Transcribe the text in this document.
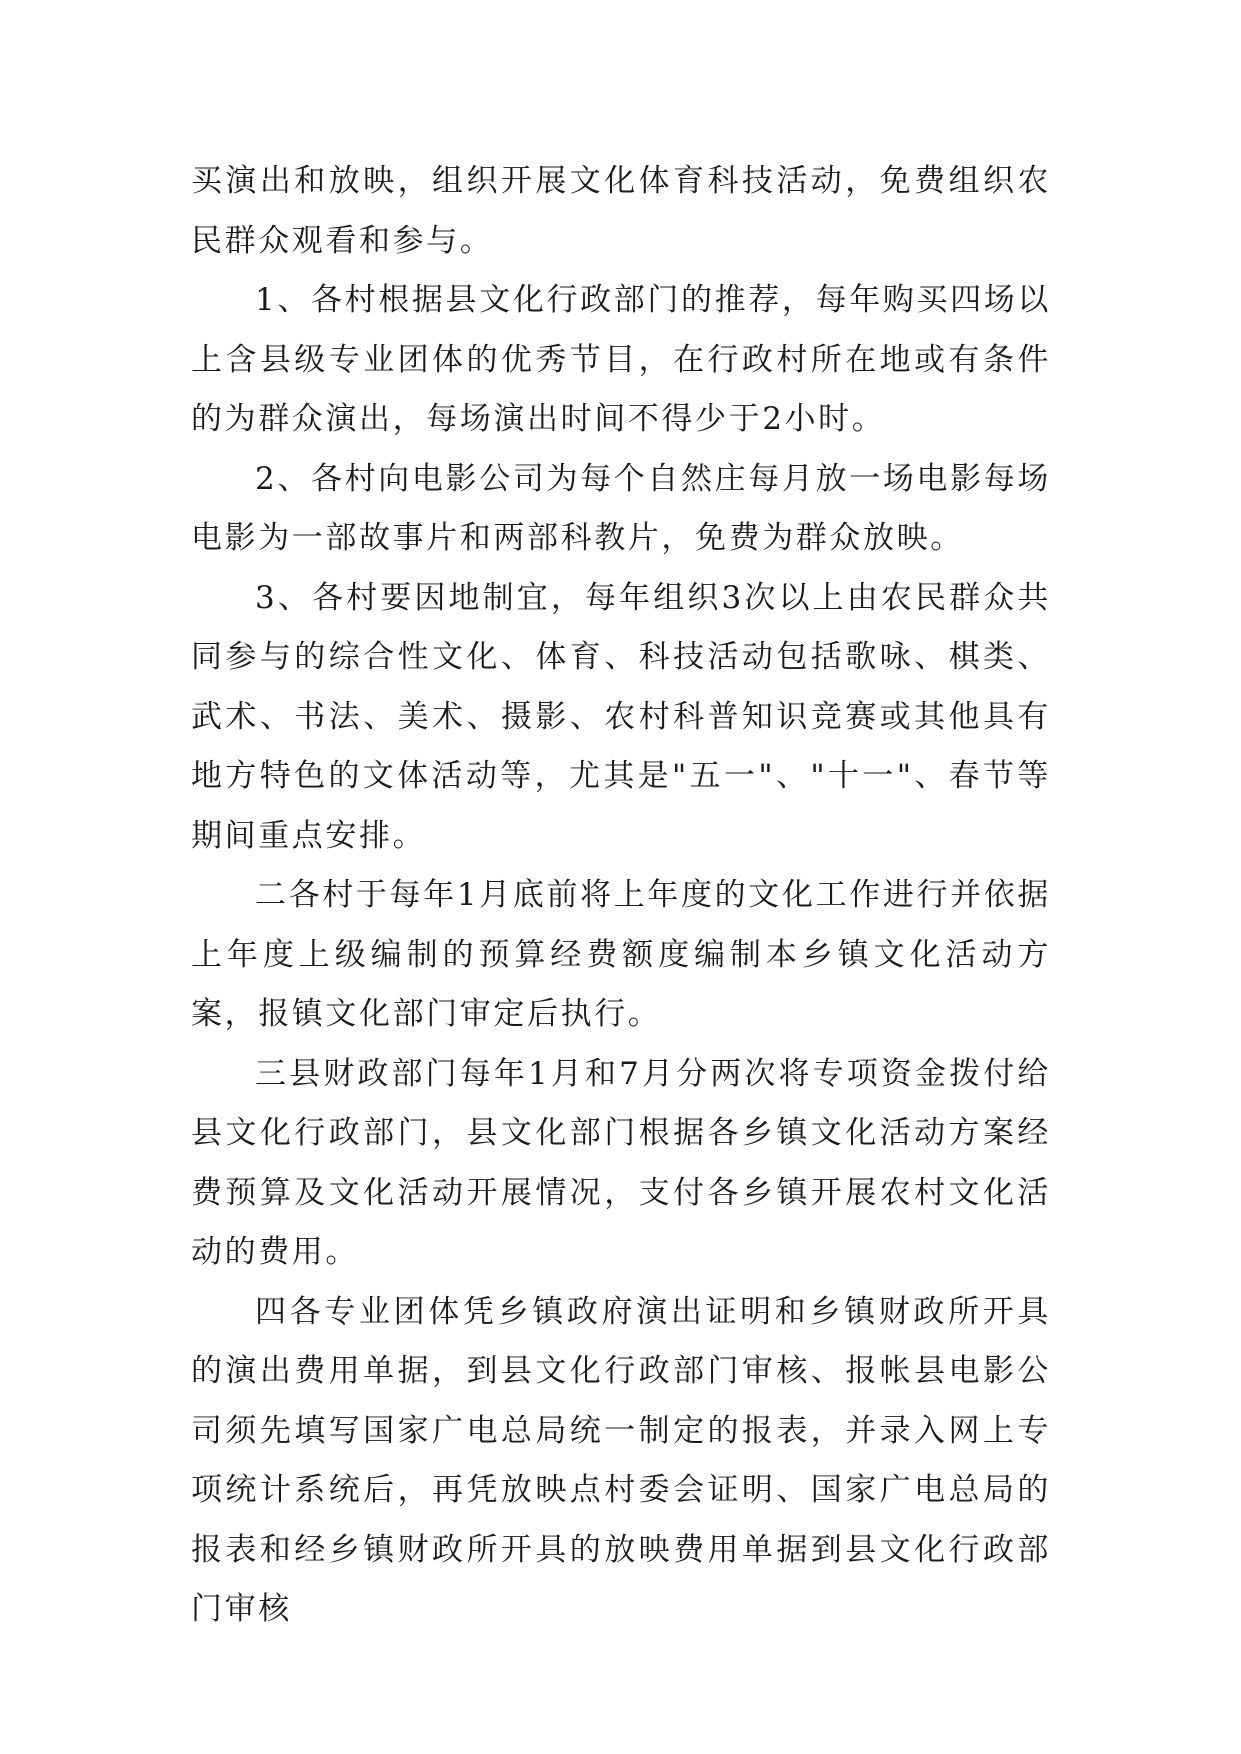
买演出和放映，组织开展文化体育科技活动，免费组织农民群众观看和参与。

1、各村根据县文化行政部门的推荐，每年购买四场以上含县级专业团体的优秀节目，在行政村所在地或有条件的为群众演出，每场演出时间不得少于2小时。

2、各村向电影公司为每个自然庄每月放一场电影每场电影为一部故事片和两部科教片，免费为群众放映。

3、各村要因地制宜，每年组织3次以上由农民群众共同参与的综合性文化、体育、科技活动包括歌咏、棋类、武术、书法、美术、摄影、农村科普知识竞赛或其他具有地方特色的文体活动等，尤其是"五一"、"十一"、春节等期间重点安排。

二各村于每年1月底前将上年度的文化工作进行并依据上年度上级编制的预算经费额度编制本乡镇文化活动方案，报镇文化部门审定后执行。

三县财政部门每年1月和7月分两次将专项资金拨付给县文化行政部门，县文化部门根据各乡镇文化活动方案经费预算及文化活动开展情况，支付各乡镇开展农村文化活动的费用。

四各专业团体凭乡镇政府演出证明和乡镇财政所开具的演出费用单据，到县文化行政部门审核、报帐县电影公司须先填写国家广电总局统一制定的报表，并录入网上专项统计系统后，再凭放映点村委会证明、国家广电总局的报表和经乡镇财政所开具的放映费用单据到县文化行政部门审核
